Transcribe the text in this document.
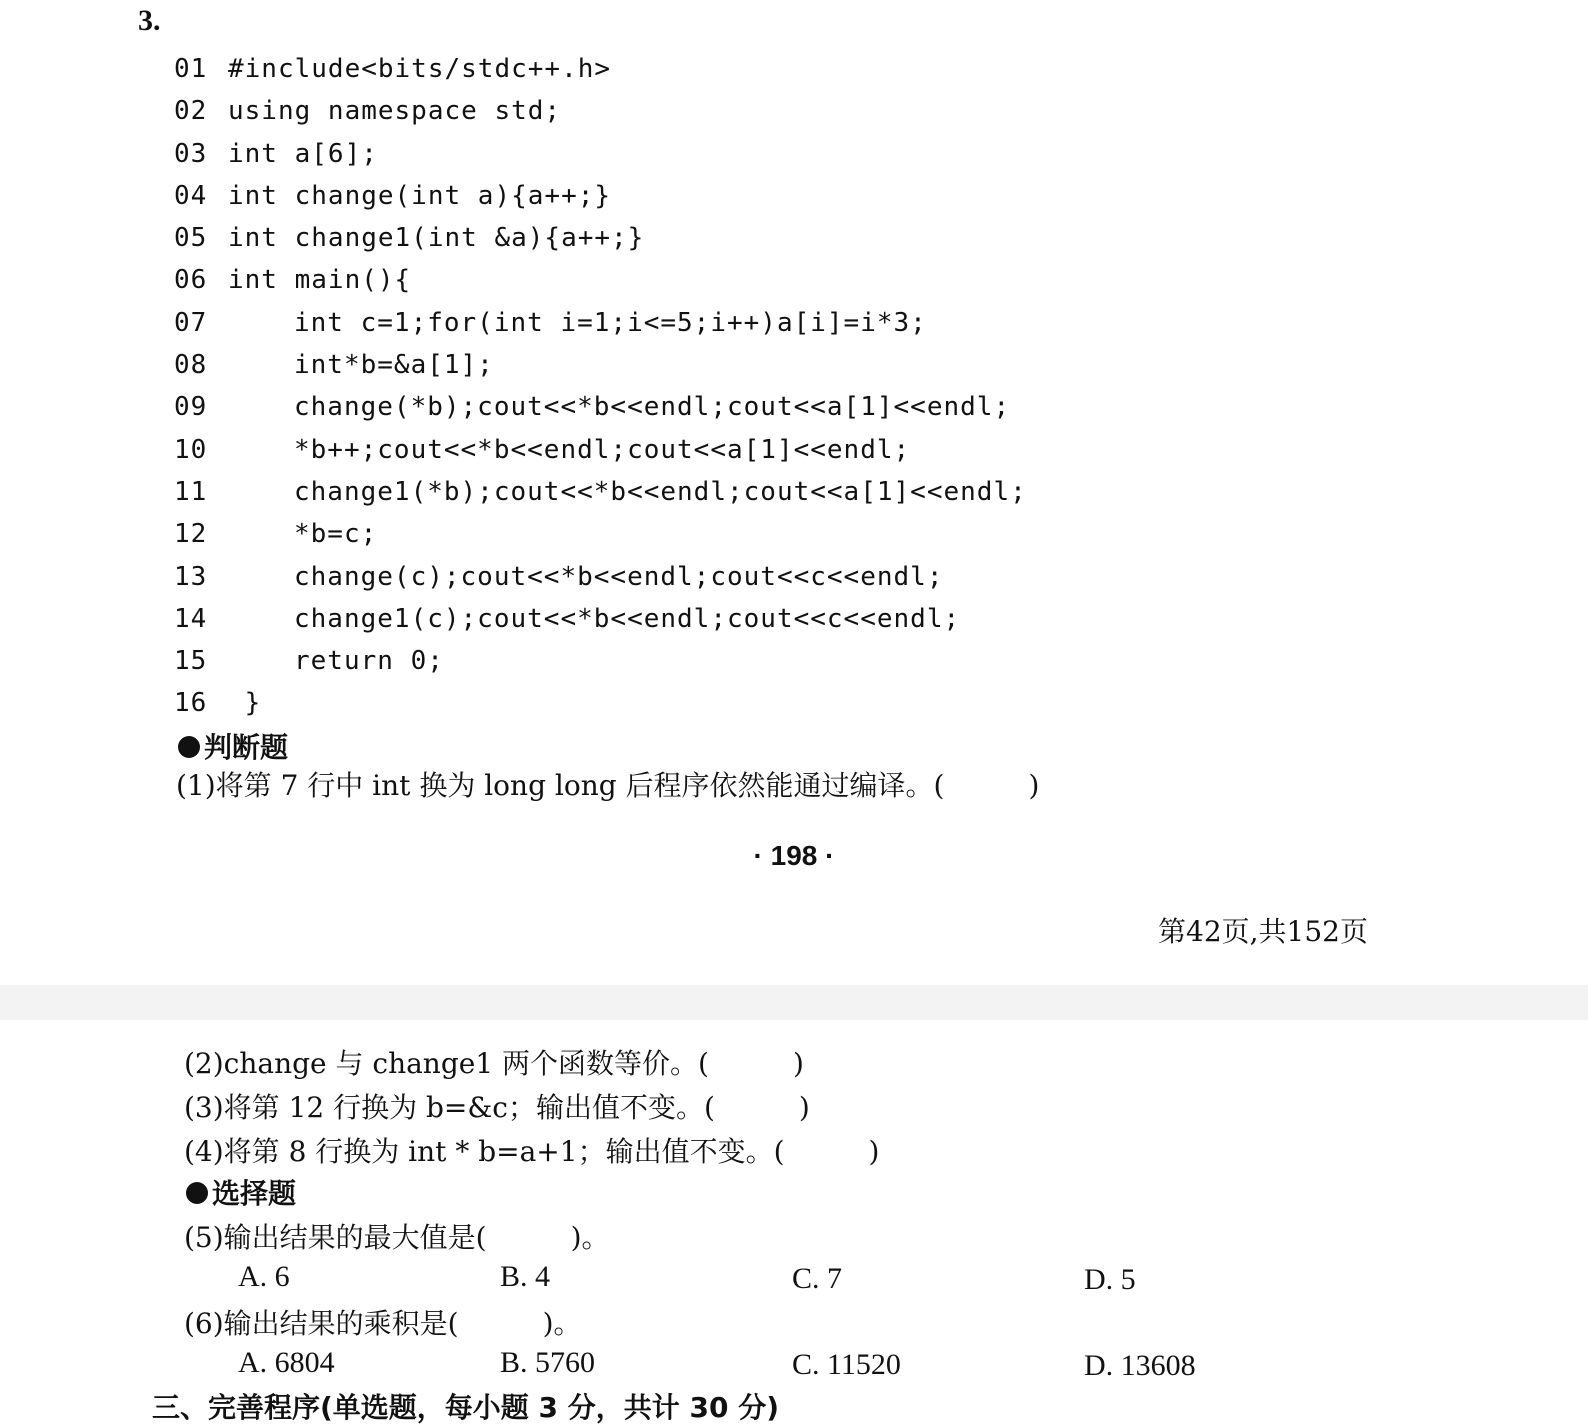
3.
01 #include<bits/stdc++.h>
02 using namespace std;
03 int a[6];
04 int change(int a){a++;}
05 int change1(int &a){a++;}
06 int main(){
07	int c=1;for(int i=1;i<=5;i++)a[i]=i*3;
08	int*b=&a[1];
09	change(*b);cout<<*b<<endl;cout<<a[1]<<endl;
10	*b++;cout<<*b<<endl;cout<<a[1]<<endl;
11	change1(*b);cout<<*b<<endl;cout<<a[1]<<endl;
12	*b=c;
13	change(c);cout<<*b<<endl;cout<<c<<endl;
14	change1(c);cout<<*b<<endl;cout<<c<<endl;
15	return 0;
16 }
判断题
(1)将第 7 行中 int 换为 long long 后程序依然能通过编译。(　　　)
· 198 ·
第42页,共152页
(2)change 与 change1 两个函数等价。(　　　)
(3)将第 12 行换为 b=&c；输出值不变。(　　　)
(4)将第 8 行换为 int * b=a+1；输出值不变。(　　　)
选择题
(5)输出结果的最大值是(　　　)。
A. 6	B. 4	C. 7	D. 5
(6)输出结果的乘积是(　　　)。
A. 6804	B. 5760	C. 11520	D. 13608
三、完善程序(单选题，每小题 3 分，共计 30 分)
